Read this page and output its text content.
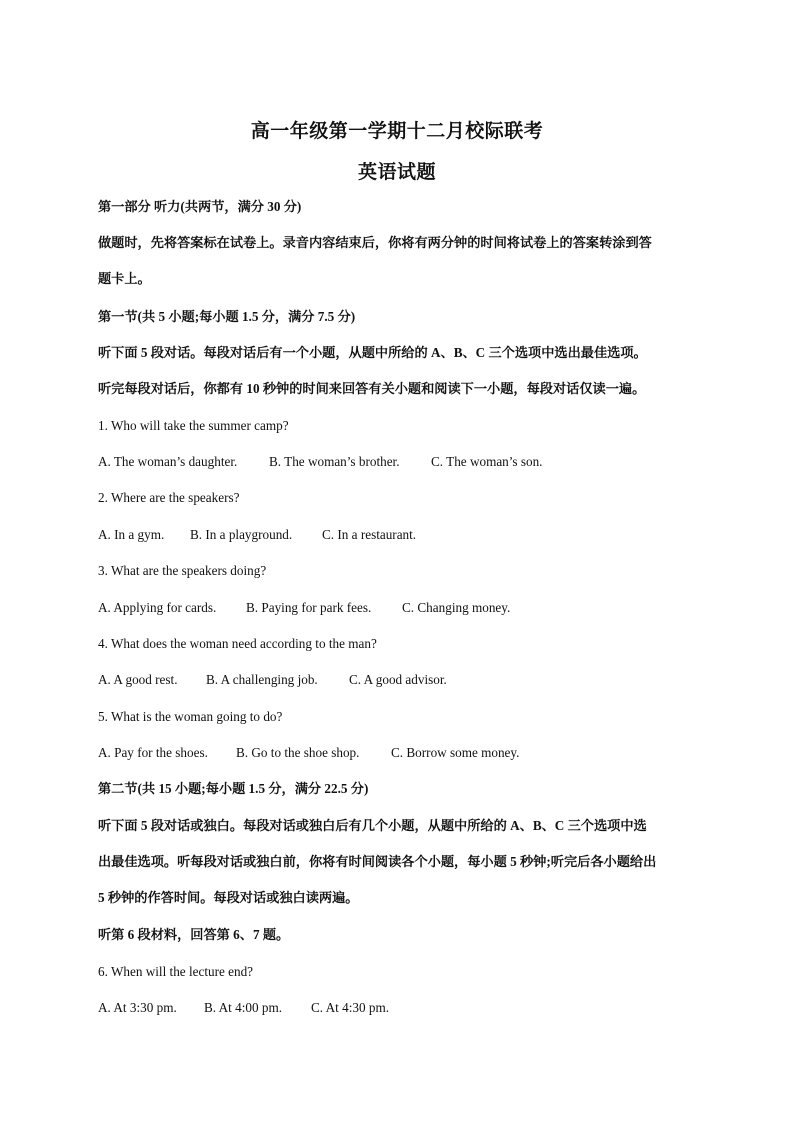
高一年级第一学期十二月校际联考
英语试题
第一部分 听力(共两节，满分 30 分)
做题时，先将答案标在试卷上。录音内容结束后，你将有两分钟的时间将试卷上的答案转涂到答
题卡上。
第一节(共 5 小题;每小题 1.5 分，满分 7.5 分)
听下面 5 段对话。每段对话后有一个小题，从题中所给的 A、B、C 三个选项中选出最佳选项。
听完每段对话后，你都有 10 秒钟的时间来回答有关小题和阅读下一小题，每段对话仅读一遍。
1. Who will take the summer camp?
A. The woman’s daughter. B. The woman’s brother. C. The woman’s son.
2. Where are the speakers?
A. In a gym. B. In a playground. C. In a restaurant.
3. What are the speakers doing?
A. Applying for cards. B. Paying for park fees. C. Changing money.
4. What does the woman need according to the man?
A. A good rest. B. A challenging job. C. A good advisor.
5. What is the woman going to do?
A. Pay for the shoes. B. Go to the shoe shop. C. Borrow some money.
第二节(共 15 小题;每小题 1.5 分，满分 22.5 分)
听下面 5 段对话或独白。每段对话或独白后有几个小题，从题中所给的 A、B、C 三个选项中选
出最佳选项。听每段对话或独白前，你将有时间阅读各个小题，每小题 5 秒钟;听完后各小题给出
5 秒钟的作答时间。每段对话或独白读两遍。
听第 6 段材料，回答第 6、7 题。
6. When will the lecture end?
A. At 3:30 pm. B. At 4:00 pm. C. At 4:30 pm.
